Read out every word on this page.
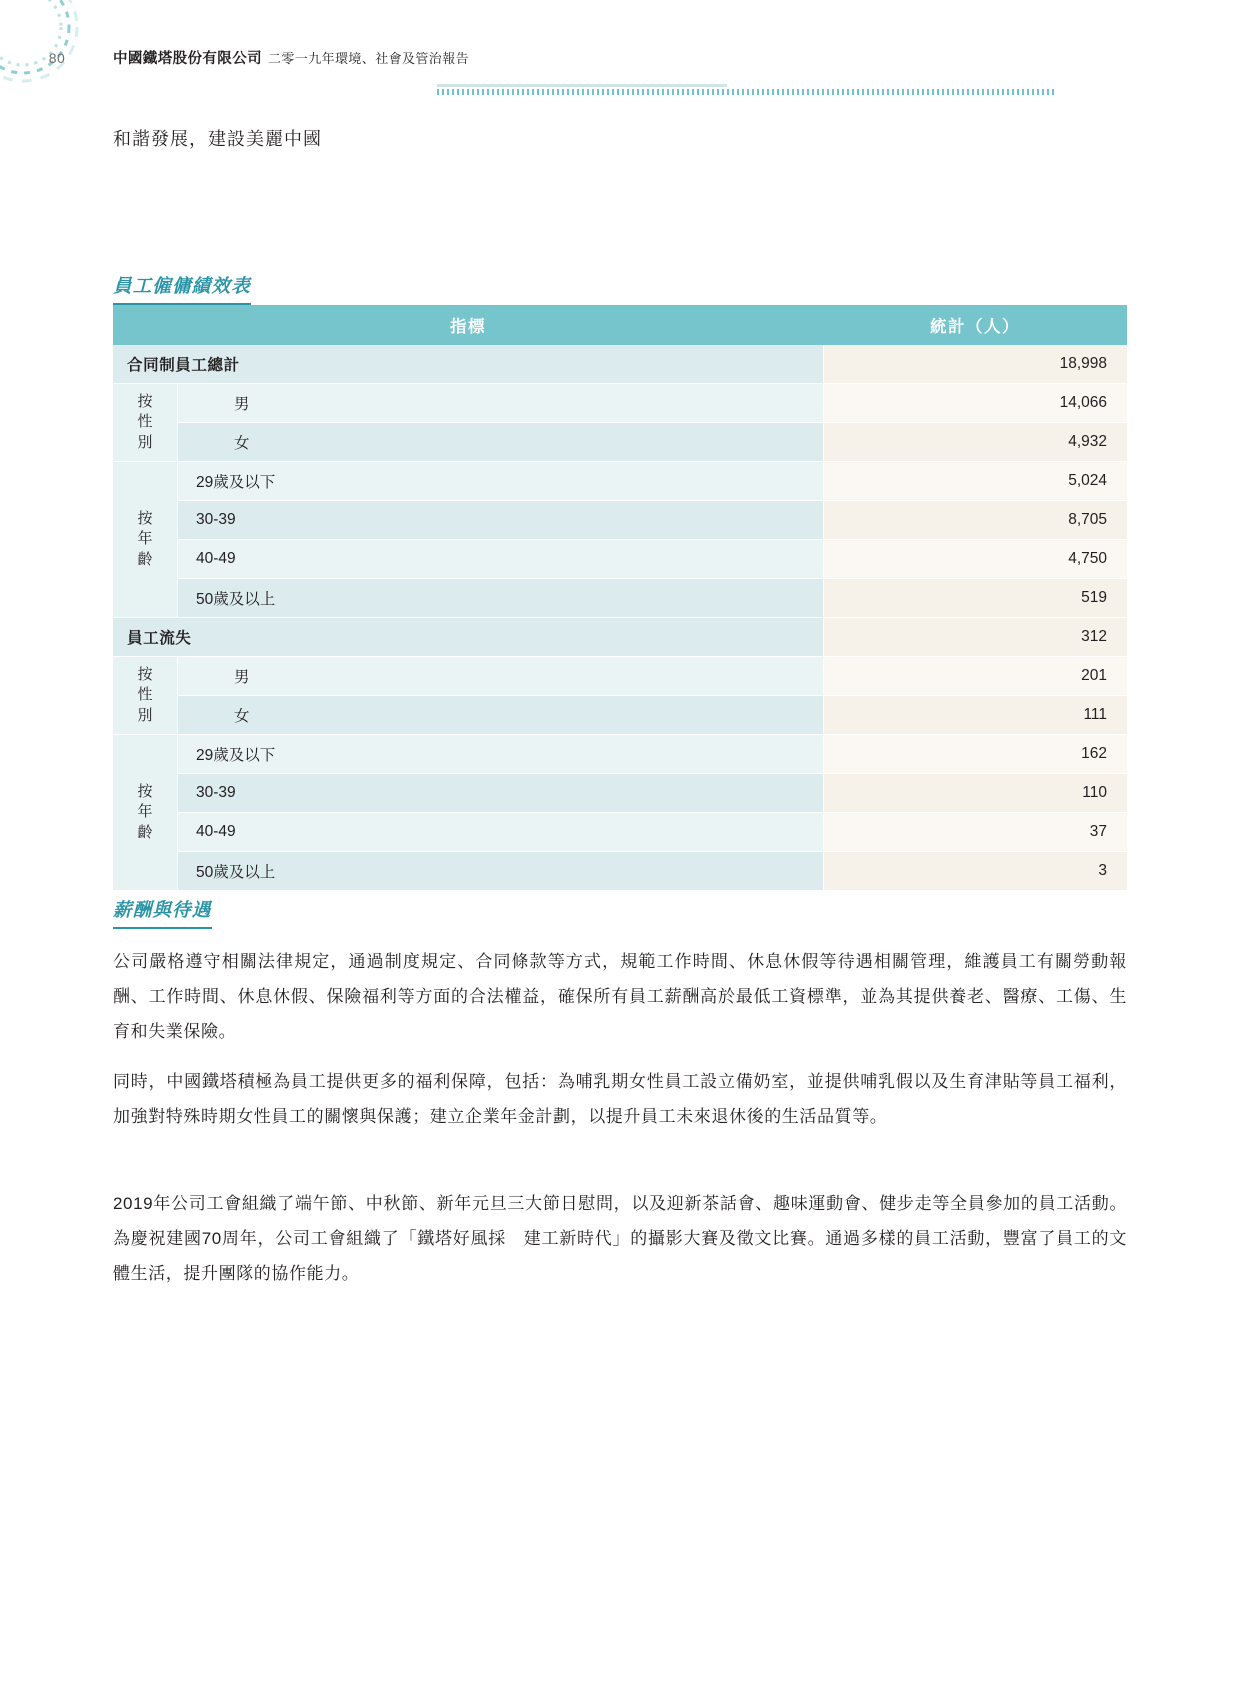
80	中國鐵塔股份有限公司 二零一九年環境、社會及管治報告
和諧發展，建設美麗中國
員工僱傭績效表
指標		統計（人）
合同制員工總計		18,998

按
性
別	男	14,066
	女	4,932

按
年
齡	29歲及以下	5,024
	30-39	8,705
	40-49	4,750
	50歲及以上	519
員工流失		312

按
性
別	男	201
	女	111

按
年
齡	29歲及以下	162
	30-39	110
	40-49	37
	50歲及以上	3
薪酬與待遇

公司嚴格遵守相關法律規定，通過制度規定、合同條款等方式，規範工作時間、休息休假等待遇相關管理，維護員工有關勞動報酬、工作時間、休息休假、保險福利等方面的合法權益，確保所有員工薪酬高於最低工資標準，並為其提供養老、醫療、工傷、生育和失業保險。

同時，中國鐵塔積極為員工提供更多的福利保障，包括：為哺乳期女性員工設立備奶室，並提供哺乳假以及生育津貼等員工福利，加強對特殊時期女性員工的關懷與保護；建立企業年金計劃，以提升員工未來退休後的生活品質等。

2019年公司工會組織了端午節、中秋節、新年元旦三大節日慰問，以及迎新茶話會、趣味運動會、健步走等全員參加的員工活動。為慶祝建國70周年，公司工會組織了「鐵塔好風採　建工新時代」的攝影大賽及徵文比賽。通過多樣的員工活動，豐富了員工的文體生活，提升團隊的協作能力。
